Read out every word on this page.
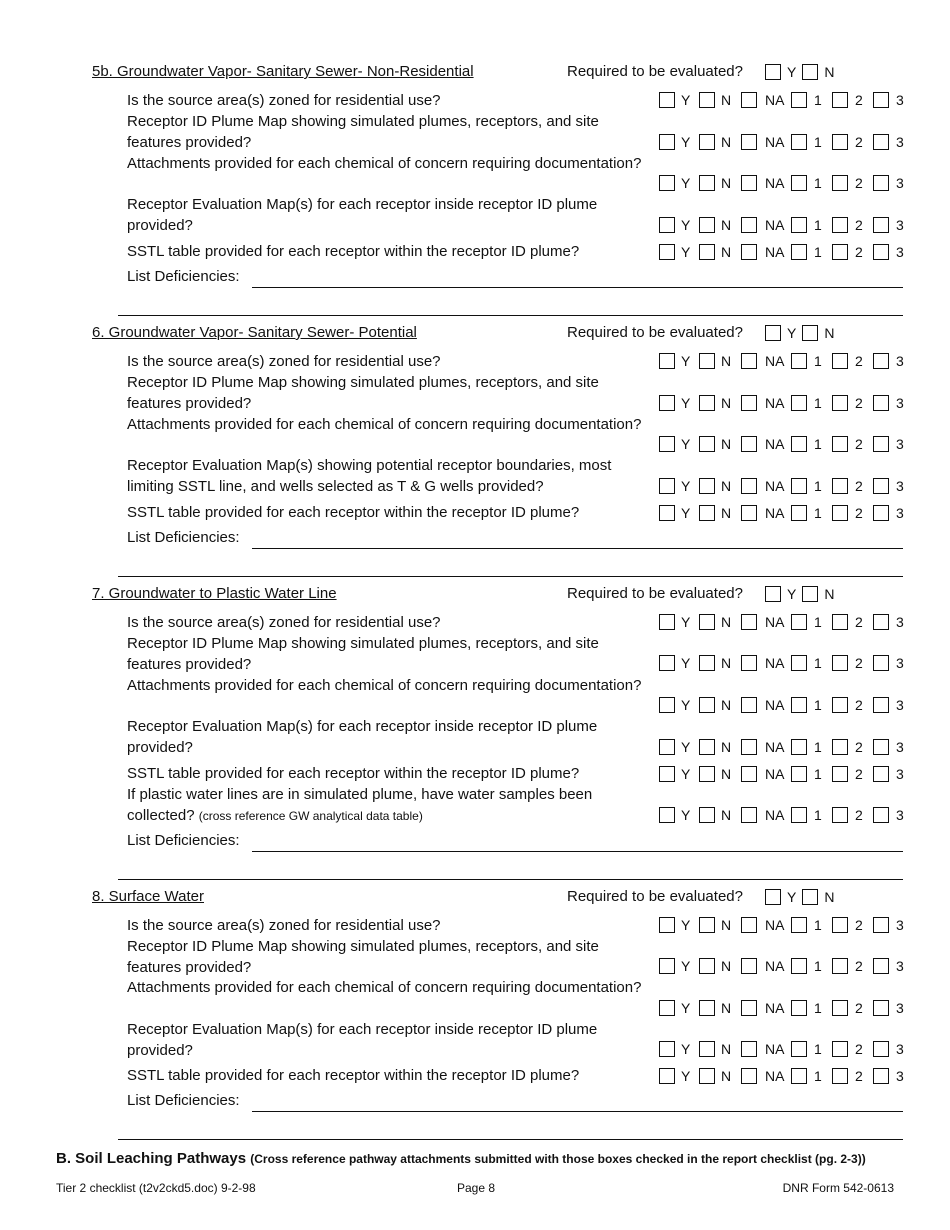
5b. Groundwater Vapor- Sanitary Sewer- Non-Residential	Required to be evaluated?	Y N
Is the source area(s) zoned for residential use?	Y	N	NA 1	2	3
Receptor ID Plume Map showing simulated plumes, receptors, and site features provided?	Y	N	NA 1	2	3
Attachments provided for each chemical of concern requiring documentation?
Y	N	NA 1	2	3
Receptor Evaluation Map(s) for each receptor inside receptor ID plume provided?	Y	N	NA 1	2	3
SSTL table provided for each receptor within the receptor ID plume?	Y	N	NA 1	2	3
List Deficiencies:
6. Groundwater Vapor- Sanitary Sewer- Potential	Required to be evaluated?	Y N
Is the source area(s) zoned for residential use?	Y	N	NA 1	2	3
Receptor ID Plume Map showing simulated plumes, receptors, and site features provided?	Y	N	NA 1	2	3
Attachments provided for each chemical of concern requiring documentation?
Y	N	NA 1	2	3
Receptor Evaluation Map(s) showing potential receptor boundaries, most limiting SSTL line, and wells selected as T & G wells provided?	Y	N	NA 1	2	3
SSTL table provided for each receptor within the receptor ID plume?	Y	N	NA 1	2	3
List Deficiencies:
7. Groundwater to Plastic Water Line	Required to be evaluated?	Y N
Is the source area(s) zoned for residential use?	Y	N	NA 1	2	3
Receptor ID Plume Map showing simulated plumes, receptors, and site features provided?	Y	N	NA 1	2	3
Attachments provided for each chemical of concern requiring documentation?
Y	N	NA 1	2	3
Receptor Evaluation Map(s) for each receptor inside receptor ID plume provided?	Y	N	NA 1	2	3
SSTL table provided for each receptor within the receptor ID plume?	Y	N	NA 1	2	3
If plastic water lines are in simulated plume, have water samples been collected? (cross reference GW analytical data table)	Y	N	NA 1	2	3
List Deficiencies:
8. Surface Water	Required to be evaluated?	Y N
Is the source area(s) zoned for residential use?	Y	N	NA 1	2	3
Receptor ID Plume Map showing simulated plumes, receptors, and site features provided?	Y	N	NA 1	2	3
Attachments provided for each chemical of concern requiring documentation?
Y	N	NA 1	2	3
Receptor Evaluation Map(s) for each receptor inside receptor ID plume provided?	Y	N	NA 1	2	3
SSTL table provided for each receptor within the receptor ID plume?	Y	N	NA 1	2	3
List Deficiencies:
B. Soil Leaching Pathways (Cross reference pathway attachments submitted with those boxes checked in the report checklist (pg. 2-3))
Tier 2 checklist (t2v2ckd5.doc) 9-2-98	Page 8	DNR Form 542-0613
